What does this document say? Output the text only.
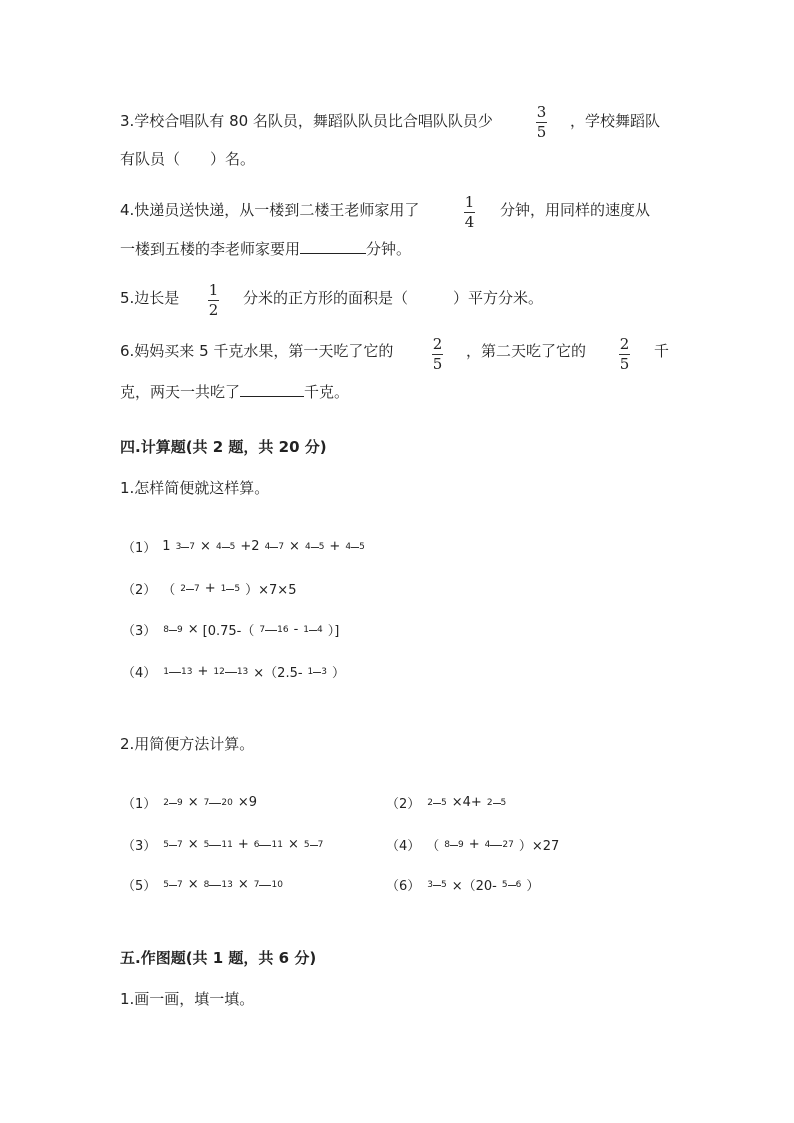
3.学校合唱队有 80 名队员，舞蹈队队员比合唱队队员少	3
5
，学校舞蹈队
有队员（　　）名。
4.快递员送快递，从一楼到二楼王老师家用了	1
4
分钟，用同样的速度从
一楼到五楼的李老师家要用	分钟。
5.边长是 1
2
分米的正方形的面积是（　　　）平方分米。
6.妈妈买来 5 千克水果，第一天吃了它的	2
5
，第二天吃了它的 2
5
千
克，两天一共吃了	千克。
四.计算题(共 2 题，共 20 分)
1.怎样简便就这样算。
（1） 1 3 7 × 4 5 +2 4 7 × 4 5 + 4 5
（2） （ 2 7 + 1 5 ）×7×5
（3） 8 9 × [0.75-（ 7 16 - 1 4 ）]
（4） 1 13 + 12 13 ×（2.5- 1 3 ）
2.用简便方法计算。
（1） 2 9 × 7 20 ×9	（2） 2 5 ×4+ 2 5
（3） 5 7 × 5 11 + 6 11 × 5 7	（4） （ 8 9 + 4 27 ）×27
（5） 5 7 × 8 13 × 7 10	（6） 3 5 ×（20- 5 6 ）
五.作图题(共 1 题，共 6 分)
1.画一画，填一填。
